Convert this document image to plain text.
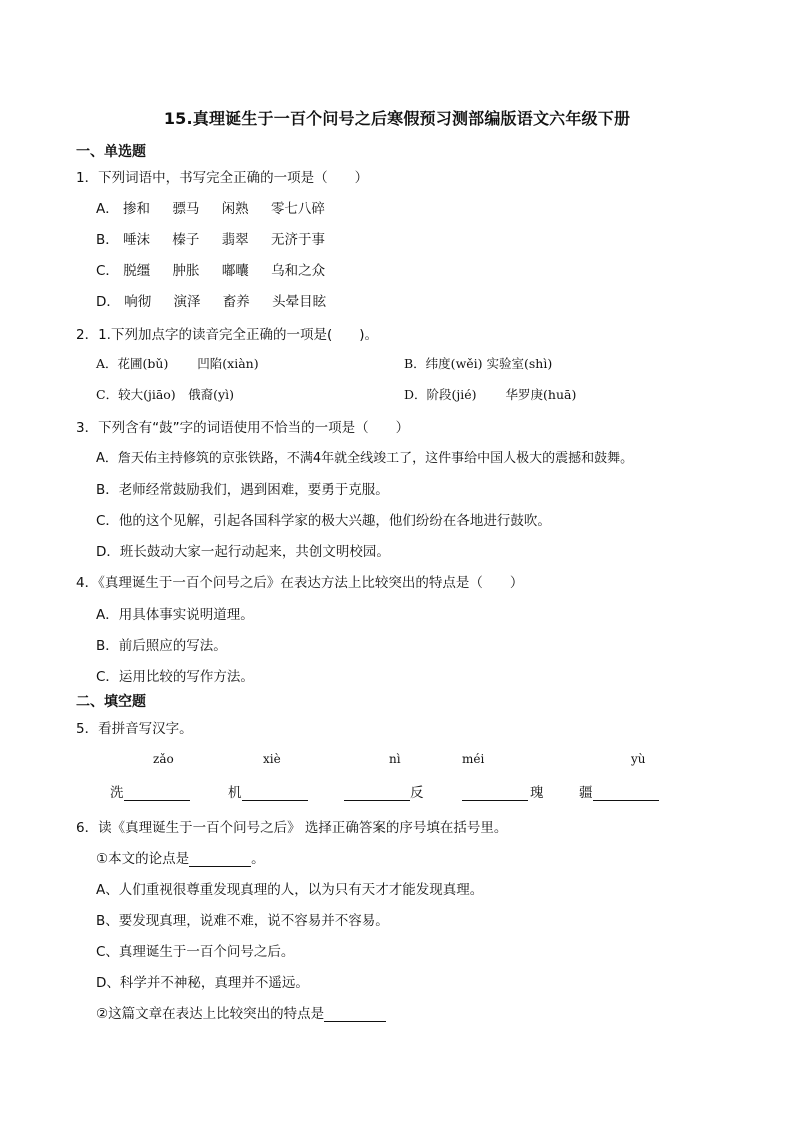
15.真理诞生于一百个问号之后寒假预习测部编版语文六年级下册
一、单选题
1．下列词语中，书写完全正确的一项是（　　）
A． 掺和 骠马 闲熟 零七八碎
B． 唾沫 榛子 翡翠 无济于事
C． 脱缰 肿胀 嘟囔 乌和之众
D． 响彻 演泽 畜养 头晕目眩
2．1.下列加点字的读音完全正确的一项是(　　)。
A．花圃(bǔ)　　 凹陷(xiàn)	B．纬度(wěi) 实验室(shì)
C．较大(jiāo)　俄裔(yì)	D．阶段(jié)　　 华罗庚(huā)
3．下列含有“鼓”字的词语使用不恰当的一项是（　　）
A．詹天佑主持修筑的京张铁路，不满4年就全线竣工了，这件事给中国人极大的震撼和鼓舞。
B．老师经常鼓励我们，遇到困难，要勇于克服。
C．他的这个见解，引起各国科学家的极大兴趣，他们纷纷在各地进行鼓吹。
D．班长鼓动大家一起行动起来，共创文明校园。
4．《真理诞生于一百个问号之后》在表达方法上比较突出的特点是（　　）
A．用具体事实说明道理。
B．前后照应的写法。
C．运用比较的写作方法。
二、填空题
5．看拼音写汉字。
zǎo	xiè	nì	méi	yù
洗	机	反	瑰	疆
6．读《真理诞生于一百个问号之后》 选择正确答案的序号填在括号里。
①本文的论点是	。
A、人们重视很尊重发现真理的人，以为只有天才才能发现真理。
B、要发现真理，说难不难，说不容易并不容易。
C、真理诞生于一百个问号之后。
D、科学并不神秘，真理并不遥远。
②这篇文章在表达上比较突出的特点是
